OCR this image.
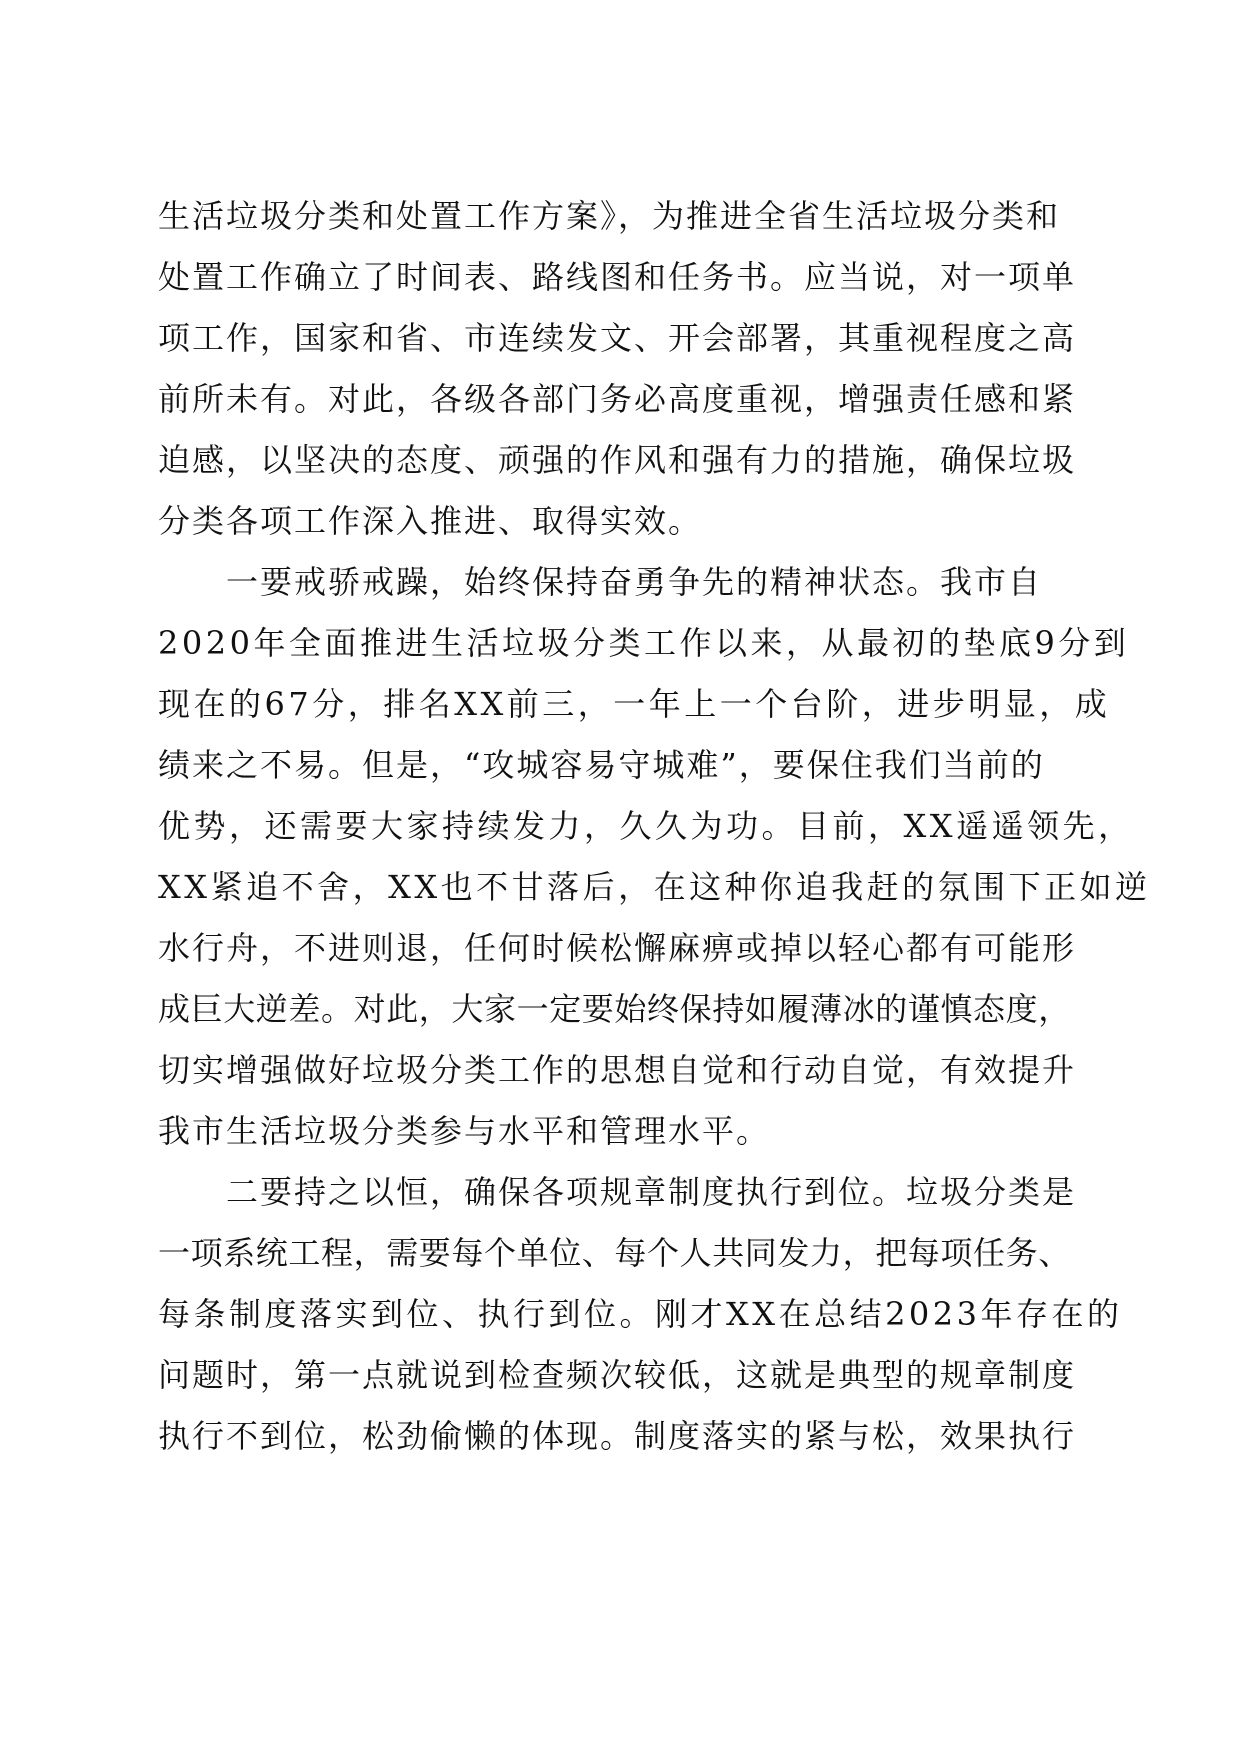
生活垃圾分类和处置工作方案》，为推进全省生活垃圾分类和
处置工作确立了时间表、路线图和任务书。应当说，对一项单
项工作，国家和省、市连续发文、开会部署，其重视程度之高
前所未有。对此，各级各部门务必高度重视，增强责任感和紧
迫感，以坚决的态度、顽强的作风和强有力的措施，确保垃圾
分类各项工作深入推进、取得实效。
一要戒骄戒躁，始终保持奋勇争先的精神状态。我市自
2020年全面推进生活垃圾分类工作以来，从最初的垫底9分到
现在的67分，排名XX前三，一年上一个台阶，进步明显，成
绩来之不易。但是，“攻城容易守城难”，要保住我们当前的
优势，还需要大家持续发力，久久为功。目前，XX遥遥领先，
XX紧追不舍，XX也不甘落后，在这种你追我赶的氛围下正如逆
水行舟，不进则退，任何时候松懈麻痹或掉以轻心都有可能形
成巨大逆差。对此，大家一定要始终保持如履薄冰的谨慎态度，
切实增强做好垃圾分类工作的思想自觉和行动自觉，有效提升
我市生活垃圾分类参与水平和管理水平。
二要持之以恒，确保各项规章制度执行到位。垃圾分类是
一项系统工程，需要每个单位、每个人共同发力，把每项任务、
每条制度落实到位、执行到位。刚才XX在总结2023年存在的
问题时，第一点就说到检查频次较低，这就是典型的规章制度
执行不到位，松劲偷懒的体现。制度落实的紧与松，效果执行
